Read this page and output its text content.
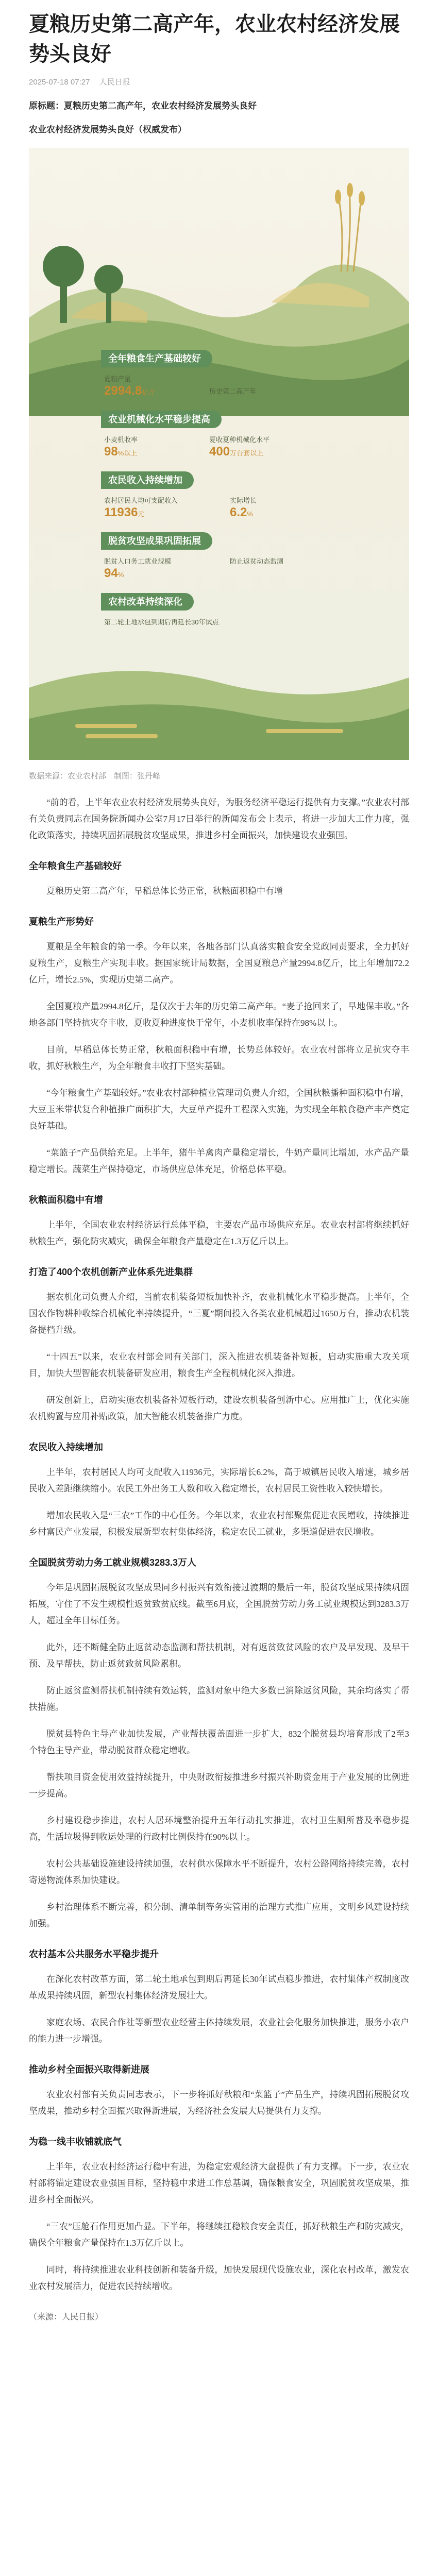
夏粮历史第二高产年，农业农村经济发展势头良好
2025-07-18 07:27 人民日报

原标题：夏粮历史第二高产年，农业农村经济发展势头良好

农业农村经济发展势头良好（权威发布）

全年粮食生产基础较好
夏粮产量
2994.8亿斤	历史第二高产年
农业机械化水平稳步提高
小麦机收率
98%以上
夏收夏种机械化水平
400万台套以上
农民收入持续增加
农村居民人均可支配收入
11936元
实际增长
6.2%
脱贫攻坚成果巩固拓展
脱贫人口务工就业规模
94%
防止返贫动态监测
农村改革持续深化
第二轮土地承包到期后再延长30年试点
数据来源：农业农村部　制图：张丹峰

“前的看，上半年农业农村经济发展势头良好，为服务经济平稳运行提供有力支撑。”农业农村部有关负责同志在国务院新闻办公室7月17日举行的新闻发布会上表示，将进一步加大工作力度，强化政策落实，持续巩固拓展脱贫攻坚成果，推进乡村全面振兴，加快建设农业强国。

全年粮食生产基础较好

夏粮历史第二高产年，早稻总体长势正常，秋粮面积稳中有增

夏粮生产形势好

夏粮是全年粮食的第一季。今年以来，各地各部门认真落实粮食安全党政同责要求，全力抓好夏粮生产，夏粮生产实现丰收。据国家统计局数据，全国夏粮总产量2994.8亿斤，比上年增加72.2亿斤，增长2.5%，实现历史第二高产。

全国夏粮产量2994.8亿斤，是仅次于去年的历史第二高产年。“麦子抢回来了，旱地保丰收。”各地各部门坚持抗灾夺丰收，夏收夏种进度快于常年，小麦机收率保持在98%以上。

目前，早稻总体长势正常，秋粮面积稳中有增，长势总体较好。农业农村部将立足抗灾夺丰收，抓好秋粮生产，为全年粮食丰收打下坚实基础。

“今年粮食生产基础较好。”农业农村部种植业管理司负责人介绍，全国秋粮播种面积稳中有增，大豆玉米带状复合种植推广面积扩大，大豆单产提升工程深入实施，为实现全年粮食稳产丰产奠定良好基础。

“菜篮子”产品供给充足。上半年，猪牛羊禽肉产量稳定增长，牛奶产量同比增加，水产品产量稳定增长。蔬菜生产保持稳定，市场供应总体充足，价格总体平稳。

秋粮面积稳中有增

上半年，全国农业农村经济运行总体平稳，主要农产品市场供应充足。农业农村部将继续抓好秋粮生产，强化防灾减灾，确保全年粮食产量稳定在1.3万亿斤以上。

打造了400个农机创新产业体系先进集群

据农机化司负责人介绍，当前农机装备短板加快补齐，农业机械化水平稳步提高。上半年，全国农作物耕种收综合机械化率持续提升，“三夏”期间投入各类农业机械超过1650万台，推动农机装备提档升级。

“十四五”以来，农业农村部会同有关部门，深入推进农机装备补短板，启动实施重大攻关项目，加快大型智能农机装备研发应用，粮食生产全程机械化深入推进。

研发创新上，启动实施农机装备补短板行动，建设农机装备创新中心。应用推广上，优化实施农机购置与应用补贴政策，加大智能农机装备推广力度。

农民收入持续增加

上半年，农村居民人均可支配收入11936元，实际增长6.2%，高于城镇居民收入增速，城乡居民收入差距继续缩小。农民工外出务工人数和收入稳定增长，农村居民工资性收入较快增长。

增加农民收入是“三农”工作的中心任务。今年以来，农业农村部聚焦促进农民增收，持续推进乡村富民产业发展，积极发展新型农村集体经济，稳定农民工就业，多渠道促进农民增收。

全国脱贫劳动力务工就业规模3283.3万人

今年是巩固拓展脱贫攻坚成果同乡村振兴有效衔接过渡期的最后一年，脱贫攻坚成果持续巩固拓展，守住了不发生规模性返贫致贫底线。截至6月底，全国脱贫劳动力务工就业规模达到3283.3万人，超过全年目标任务。

此外，还不断健全防止返贫动态监测和帮扶机制，对有返贫致贫风险的农户及早发现、及早干预、及早帮扶，防止返贫致贫风险累积。

防止返贫监测帮扶机制持续有效运转，监测对象中绝大多数已消除返贫风险，其余均落实了帮扶措施。

脱贫县特色主导产业加快发展，产业帮扶覆盖面进一步扩大，832个脱贫县均培育形成了2至3个特色主导产业，带动脱贫群众稳定增收。

帮扶项目资金使用效益持续提升，中央财政衔接推进乡村振兴补助资金用于产业发展的比例进一步提高。

乡村建设稳步推进，农村人居环境整治提升五年行动扎实推进，农村卫生厕所普及率稳步提高，生活垃圾得到收运处理的行政村比例保持在90%以上。

农村公共基础设施建设持续加强，农村供水保障水平不断提升，农村公路网络持续完善，农村寄递物流体系加快建设。

乡村治理体系不断完善，积分制、清单制等务实管用的治理方式推广应用，文明乡风建设持续加强。

农村基本公共服务水平稳步提升

在深化农村改革方面，第二轮土地承包到期后再延长30年试点稳步推进，农村集体产权制度改革成果持续巩固，新型农村集体经济发展壮大。

家庭农场、农民合作社等新型农业经营主体持续发展，农业社会化服务加快推进，服务小农户的能力进一步增强。

推动乡村全面振兴取得新进展

农业农村部有关负责同志表示，下一步将抓好秋粮和“菜篮子”产品生产，持续巩固拓展脱贫攻坚成果，推动乡村全面振兴取得新进展，为经济社会发展大局提供有力支撑。

为稳一线丰收铺就底气

上半年，农业农村经济运行稳中有进，为稳定宏观经济大盘提供了有力支撑。下一步，农业农村部将锚定建设农业强国目标，坚持稳中求进工作总基调，确保粮食安全，巩固脱贫攻坚成果，推进乡村全面振兴。

“三农”压舱石作用更加凸显。下半年，将继续扛稳粮食安全责任，抓好秋粮生产和防灾减灾，确保全年粮食产量保持在1.3万亿斤以上。

同时，将持续推进农业科技创新和装备升级，加快发展现代设施农业，深化农村改革，激发农业农村发展活力，促进农民持续增收。

（来源：人民日报）
